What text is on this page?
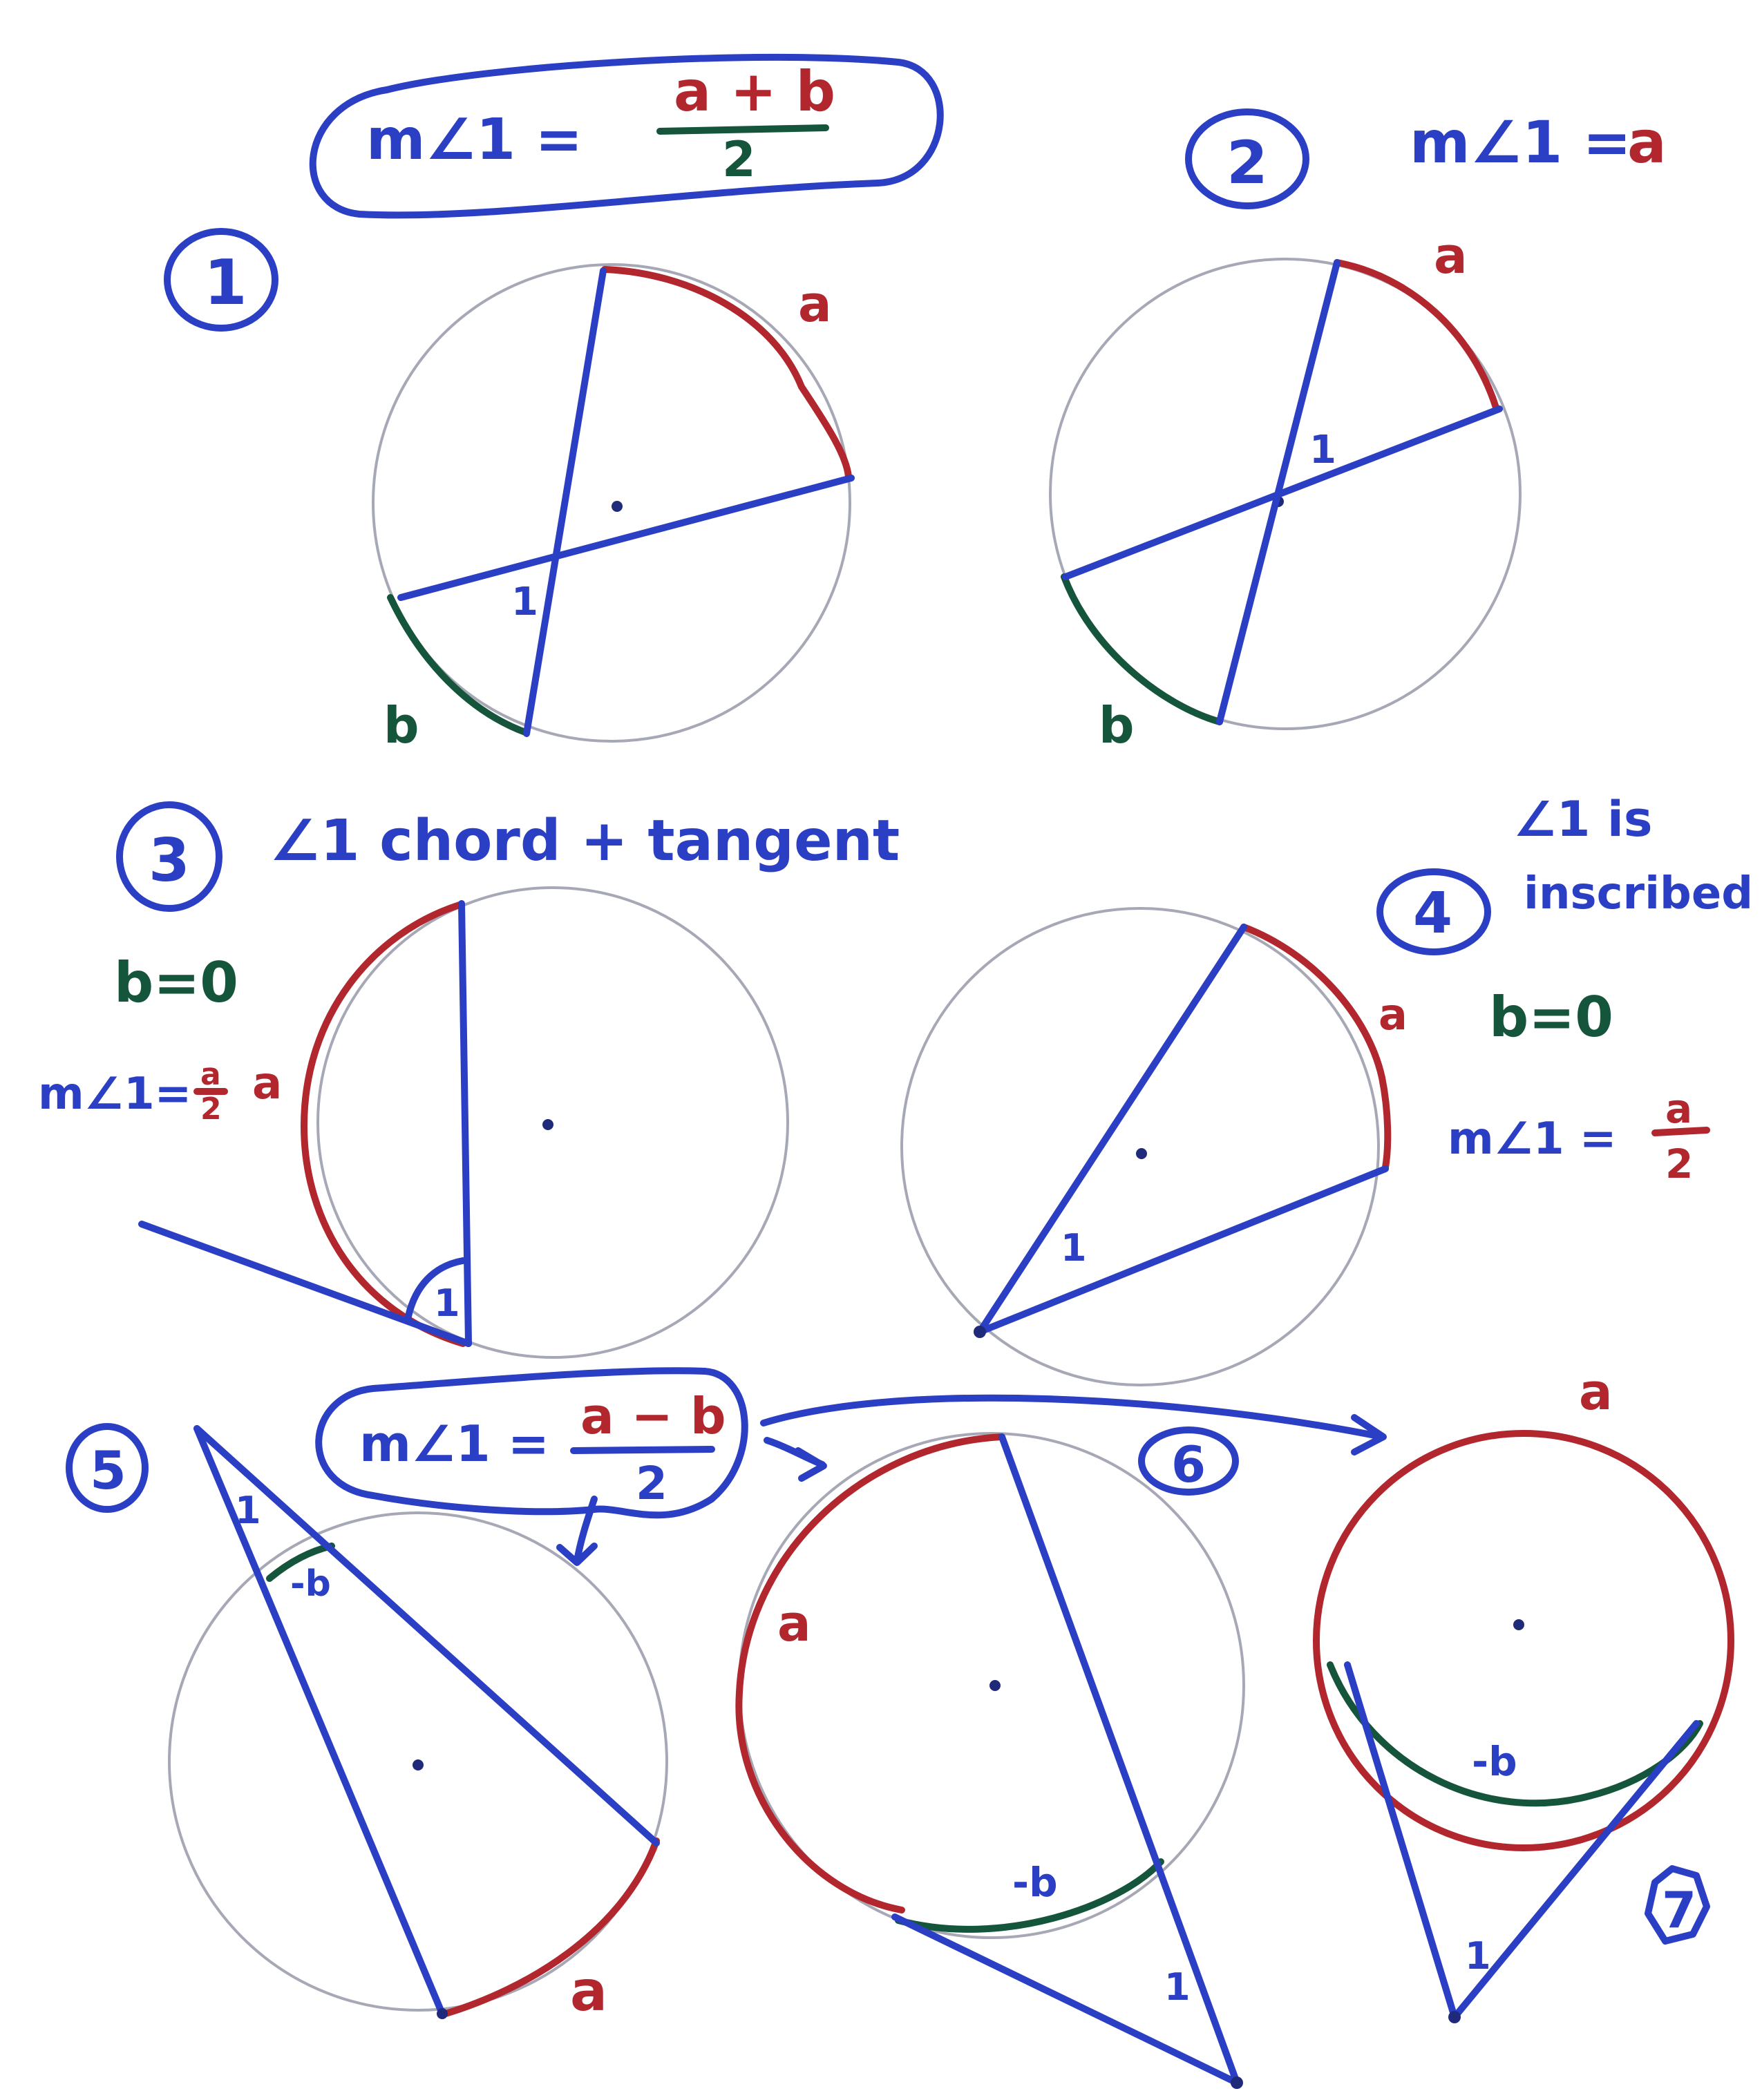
m∠1 =
a + b
2
1
1
a
b
2 m∠1 =
a
1
a
b
3 ∠1 chord + tangent
b=0
m∠1= a
2 a
1
∠1 is
4 inscribed
b=0
m∠1 =
a
2
1
a
m∠1 = a − b
2
5
1
-b
a
6
1
-b
a
7
1
-b
a
